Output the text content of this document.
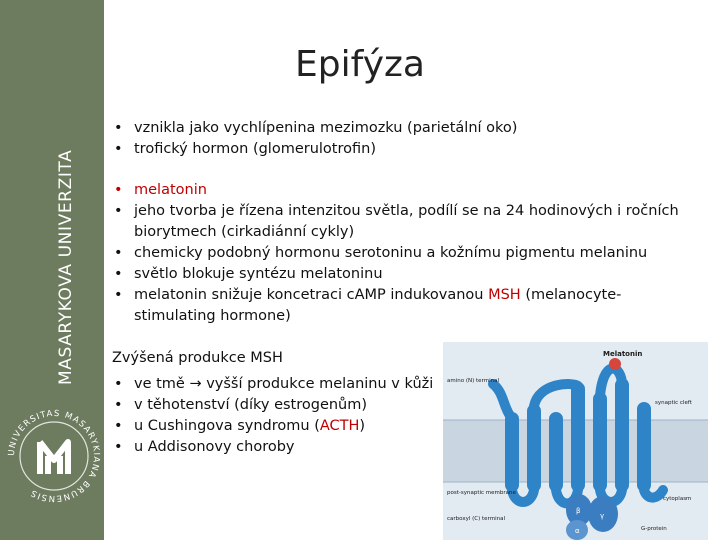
MASARYKOVA UNIVERZITA
UNIVERSITAS MASARYKIANA BRUNENSIS
Epifýza
• vznikla jako vychlípenina mezimozku (parietální oko)
• trofický hormon (glomerulotrofin)
• melatonin
• jeho tvorba je řízena intenzitou světla, podílí se na 24 hodinových i ročních biorytmech (cirkadiánní cykly)
• chemicky podobný hormonu serotoninu a kožnímu pigmentu melaninu
• světlo blokuje syntézu melatoninu
• melatonin snižuje koncetraci cAMP indukovanou MSH (melanocyte-stimulating hormone)
Zvýšená produkce MSH
• ve tmě → vyšší produkce melaninu v kůži
• v těhotenství (díky estrogenům)
• u Cushingova syndromu (ACTH)
• u Addisonovy choroby
Melatonin
amino (N) terminal
synaptic cleft
post-synaptic membrane
carboxyl (C) terminal
cytoplasm
G-protein
α
β
γ
